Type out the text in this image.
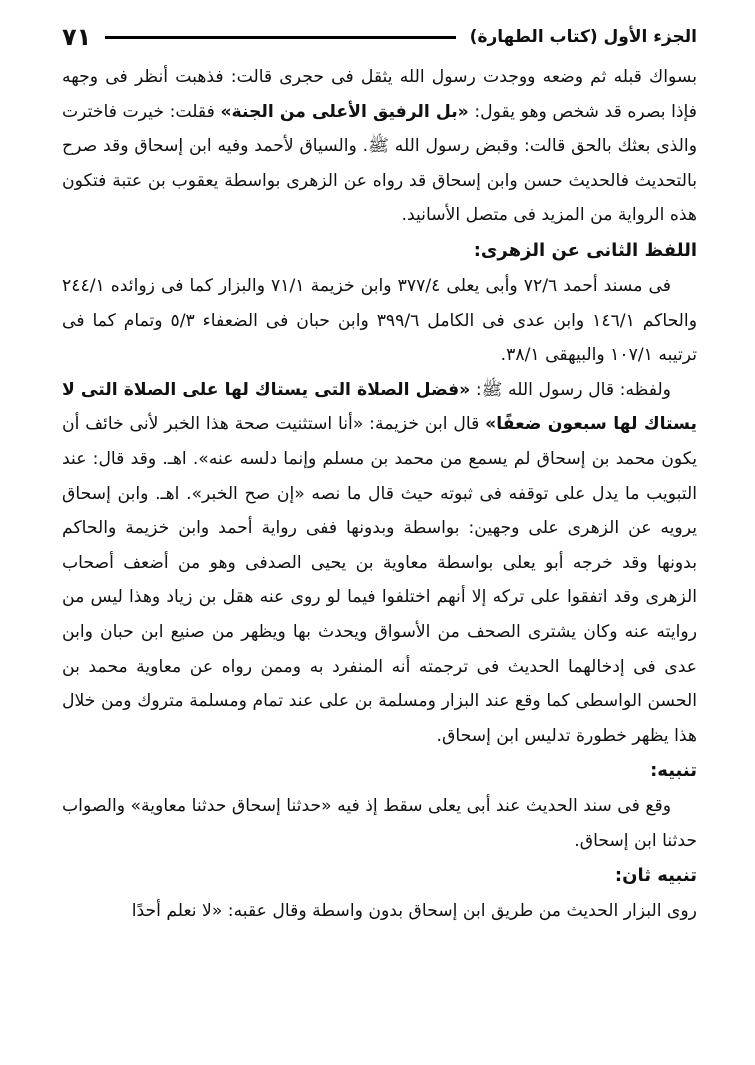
الجزء الأول (كتاب الطهارة)
٧١

بسواك قبله ثم وضعه ووجدت رسول الله يثقل فى حجرى قالت: فذهبت أنظر فى وجهه فإذا بصره قد شخص وهو يقول: «بل الرفيق الأعلى من الجنة» فقلت: خيرت فاخترت والذى بعثك بالحق قالت: وقبض رسول الله ﷺ. والسياق لأحمد وفيه ابن إسحاق وقد صرح بالتحديث فالحديث حسن وابن إسحاق قد رواه عن الزهرى بواسطة يعقوب بن عتبة فتكون هذه الرواية من المزيد فى متصل الأسانيد.

اللفظ الثانى عن الزهرى:

فى مسند أحمد ٧٢/٦ وأبى يعلى ٣٧٧/٤ وابن خزيمة ٧١/١ والبزار كما فى زوائده ٢٤٤/١ والحاكم ١٤٦/١ وابن عدى فى الكامل ٣٩٩/٦ وابن حبان فى الضعفاء ٥/٣ وتمام كما فى ترتيبه ١٠٧/١ والبيهقى ٣٨/١.

ولفظه: قال رسول الله ﷺ: «فضل الصلاة التى يستاك لها على الصلاة التى لا يستاك لها سبعون ضعفًا» قال ابن خزيمة: «أنا استثنيت صحة هذا الخبر لأنى خائف أن يكون محمد بن إسحاق لم يسمع من محمد بن مسلم وإنما دلسه عنه». اهـ. وقد قال: عند التبويب ما يدل على توقفه فى ثبوته حيث قال ما نصه «إن صح الخبر». اهـ. وابن إسحاق يرويه عن الزهرى على وجهين: بواسطة وبدونها ففى رواية أحمد وابن خزيمة والحاكم بدونها وقد خرجه أبو يعلى بواسطة معاوية بن يحيى الصدفى وهو من أضعف أصحاب الزهرى وقد اتفقوا على تركه إلا أنهم اختلفوا فيما لو روى عنه هقل بن زياد وهذا ليس من روايته عنه وكان يشترى الصحف من الأسواق ويحدث بها ويظهر من صنيع ابن حبان وابن عدى فى إدخالهما الحديث فى ترجمته أنه المنفرد به وممن رواه عن معاوية محمد بن الحسن الواسطى كما وقع عند البزار ومسلمة بن على عند تمام ومسلمة متروك ومن خلال هذا يظهر خطورة تدليس ابن إسحاق.

تنبيه:

وقع فى سند الحديث عند أبى يعلى سقط إذ فيه «حدثنا إسحاق حدثنا معاوية» والصواب حدثنا ابن إسحاق.

تنبيه ثان:

روى البزار الحديث من طريق ابن إسحاق بدون واسطة وقال عقبه: «لا نعلم أحدًا
